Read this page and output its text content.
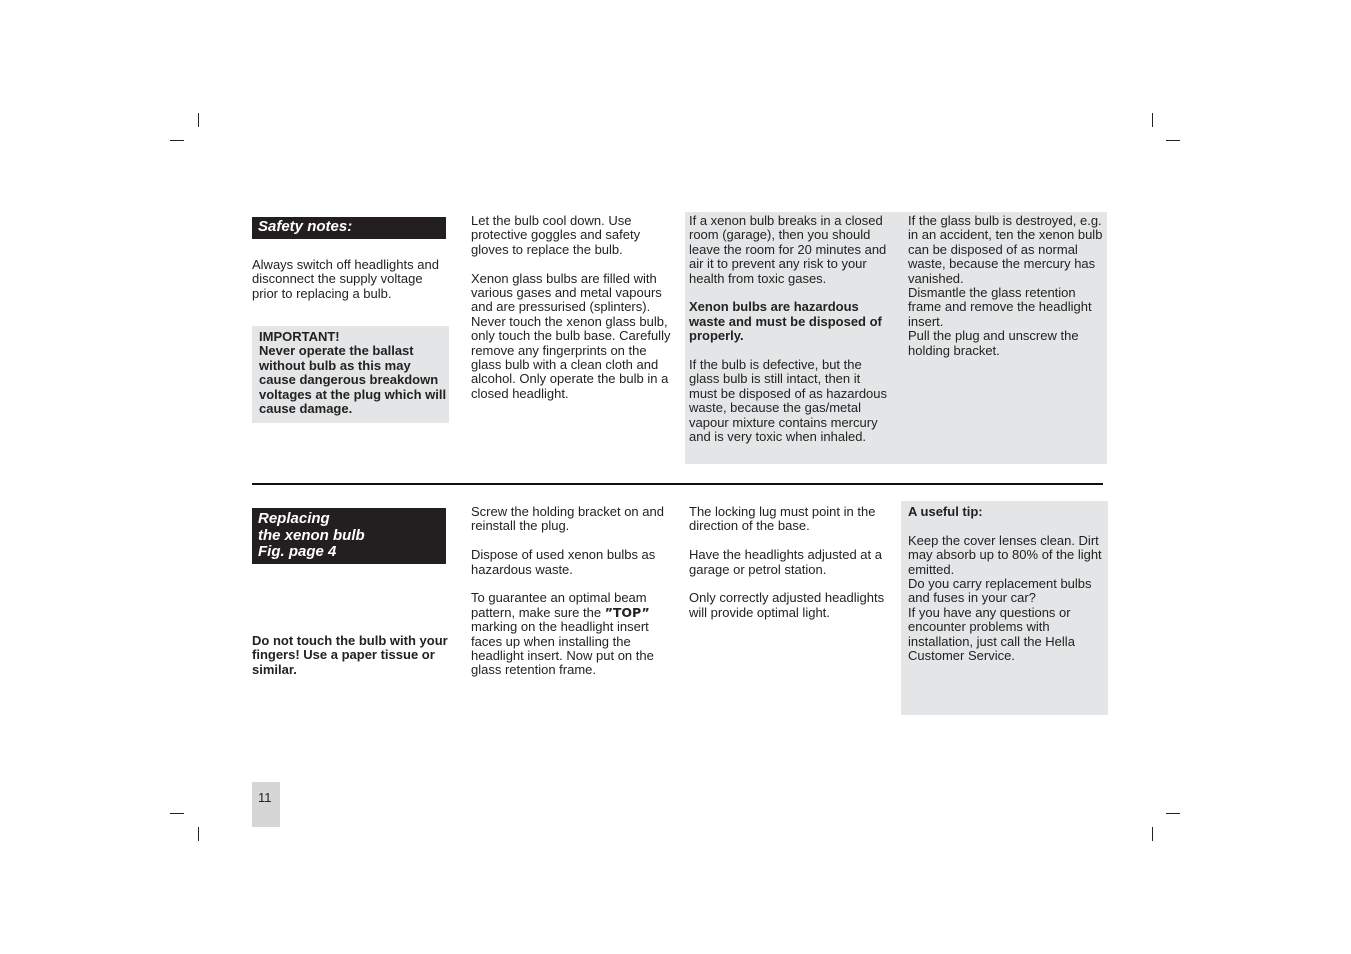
Safety notes:

Always switch off headlights and disconnect the supply voltage prior to replacing a bulb.

IMPORTANT!

Never operate the ballast without bulb as this may cause dangerous breakdown voltages at the plug which will cause damage.

Let the bulb cool down. Use protective goggles and safety gloves to replace the bulb.

Xenon glass bulbs are filled with various gases and metal vapours and are pressurised (splinters).

Never touch the xenon glass bulb, only touch the bulb base. Carefully remove any fingerprints on the glass bulb with a clean cloth and alcohol. Only operate the bulb in a closed headlight.

If a xenon bulb breaks in a closed room (garage), then you should leave the room for 20 minutes and air it to prevent any risk to your health from toxic gases.

Xenon bulbs are hazardous waste and must be disposed of properly.

If the bulb is defective, but the glass bulb is still intact, then it must be disposed of as hazardous waste, because the gas/metal vapour mixture contains mercury and is very toxic when inhaled.

If the glass bulb is destroyed, e.g. in an accident, ten the xenon bulb can be disposed of as normal waste, because the mercury has vanished.

Dismantle the glass retention frame and remove the headlight insert.

Pull the plug and unscrew the holding bracket.

Replacing
the xenon bulb
Fig. page 4

Do not touch the bulb with your fingers! Use a paper tissue or similar.

Screw the holding bracket on and reinstall the plug.

Dispose of used xenon bulbs as hazardous waste.

To guarantee an optimal beam pattern, make sure the ”TOP” marking on the headlight insert faces up when installing the headlight insert. Now put on the glass retention frame.

The locking lug must point in the direction of the base.

Have the headlights adjusted at a garage or petrol station.

Only correctly adjusted headlights will provide optimal light.

A useful tip:

Keep the cover lenses clean. Dirt may absorb up to 80% of the light emitted.

Do you carry replacement bulbs and fuses in your car?

If you have any questions or encounter problems with installation, just call the Hella Customer Service.

11
